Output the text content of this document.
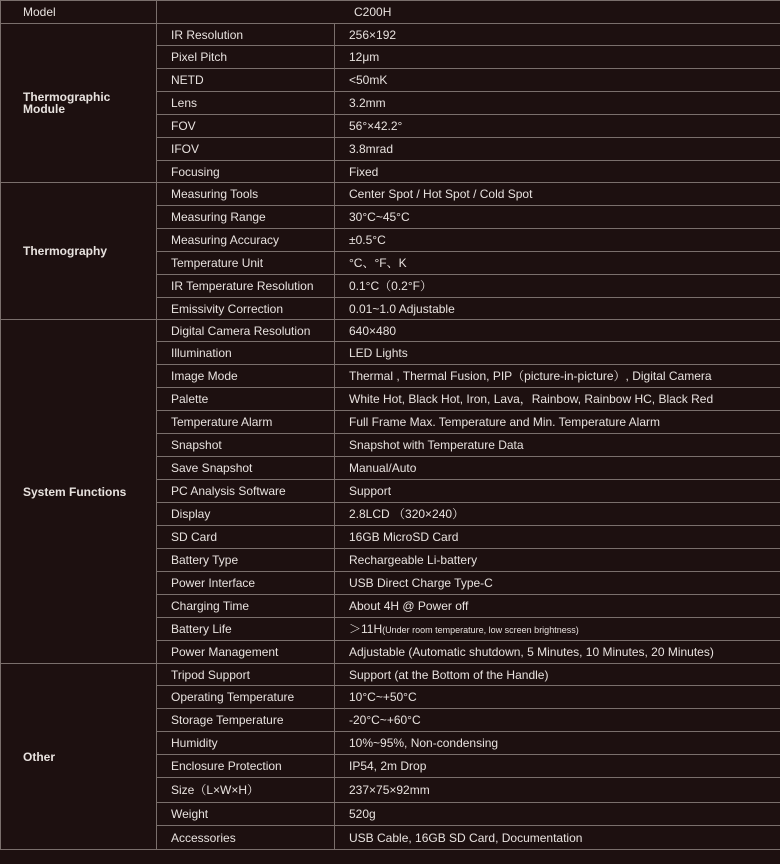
Model	C200H	
Thermographic Module	IR Resolution	256×192
	Pixel Pitch	12μm
	NETD	<50mK
	Lens	3.2mm
	FOV	56°×42.2°
	IFOV	3.8mrad
	Focusing	Fixed
Thermography	Measuring Tools	Center Spot / Hot Spot / Cold Spot
	Measuring Range	30°C~45°C
	Measuring Accuracy	±0.5°C
	Temperature Unit	°C、°F、K
	IR Temperature Resolution	0.1°C（0.2°F）
	Emissivity Correction	0.01~1.0 Adjustable
System Functions	Digital Camera Resolution	640×480
	Illumination	LED Lights
	Image Mode	Thermal , Thermal Fusion, PIP（picture-in-picture）, Digital Camera
	Palette	White Hot, Black Hot, Iron, Lava，Rainbow, Rainbow HC, Black Red
	Temperature Alarm	Full Frame Max. Temperature and Min. Temperature Alarm
	Snapshot	Snapshot with Temperature Data
	Save Snapshot	Manual/Auto
	PC Analysis Software	Support
	Display	2.8LCD （320×240）
	SD Card	16GB MicroSD Card
	Battery Type	Rechargeable Li-battery
	Power Interface	USB Direct Charge Type-C
	Charging Time	About 4H @ Power off
	Battery Life	＞11H(Under room temperature, low screen brightness)
	Power Management	Adjustable (Automatic shutdown, 5 Minutes, 10 Minutes, 20 Minutes)
Other	Tripod Support	Support (at the Bottom of the Handle)
	Operating Temperature	10°C~+50°C
	Storage Temperature	-20°C~+60°C
	Humidity	10%~95%, Non-condensing
	Enclosure Protection	IP54, 2m Drop
	Size（L×W×H）	237×75×92mm
	Weight	520g
	Accessories	USB Cable, 16GB SD Card, Documentation
